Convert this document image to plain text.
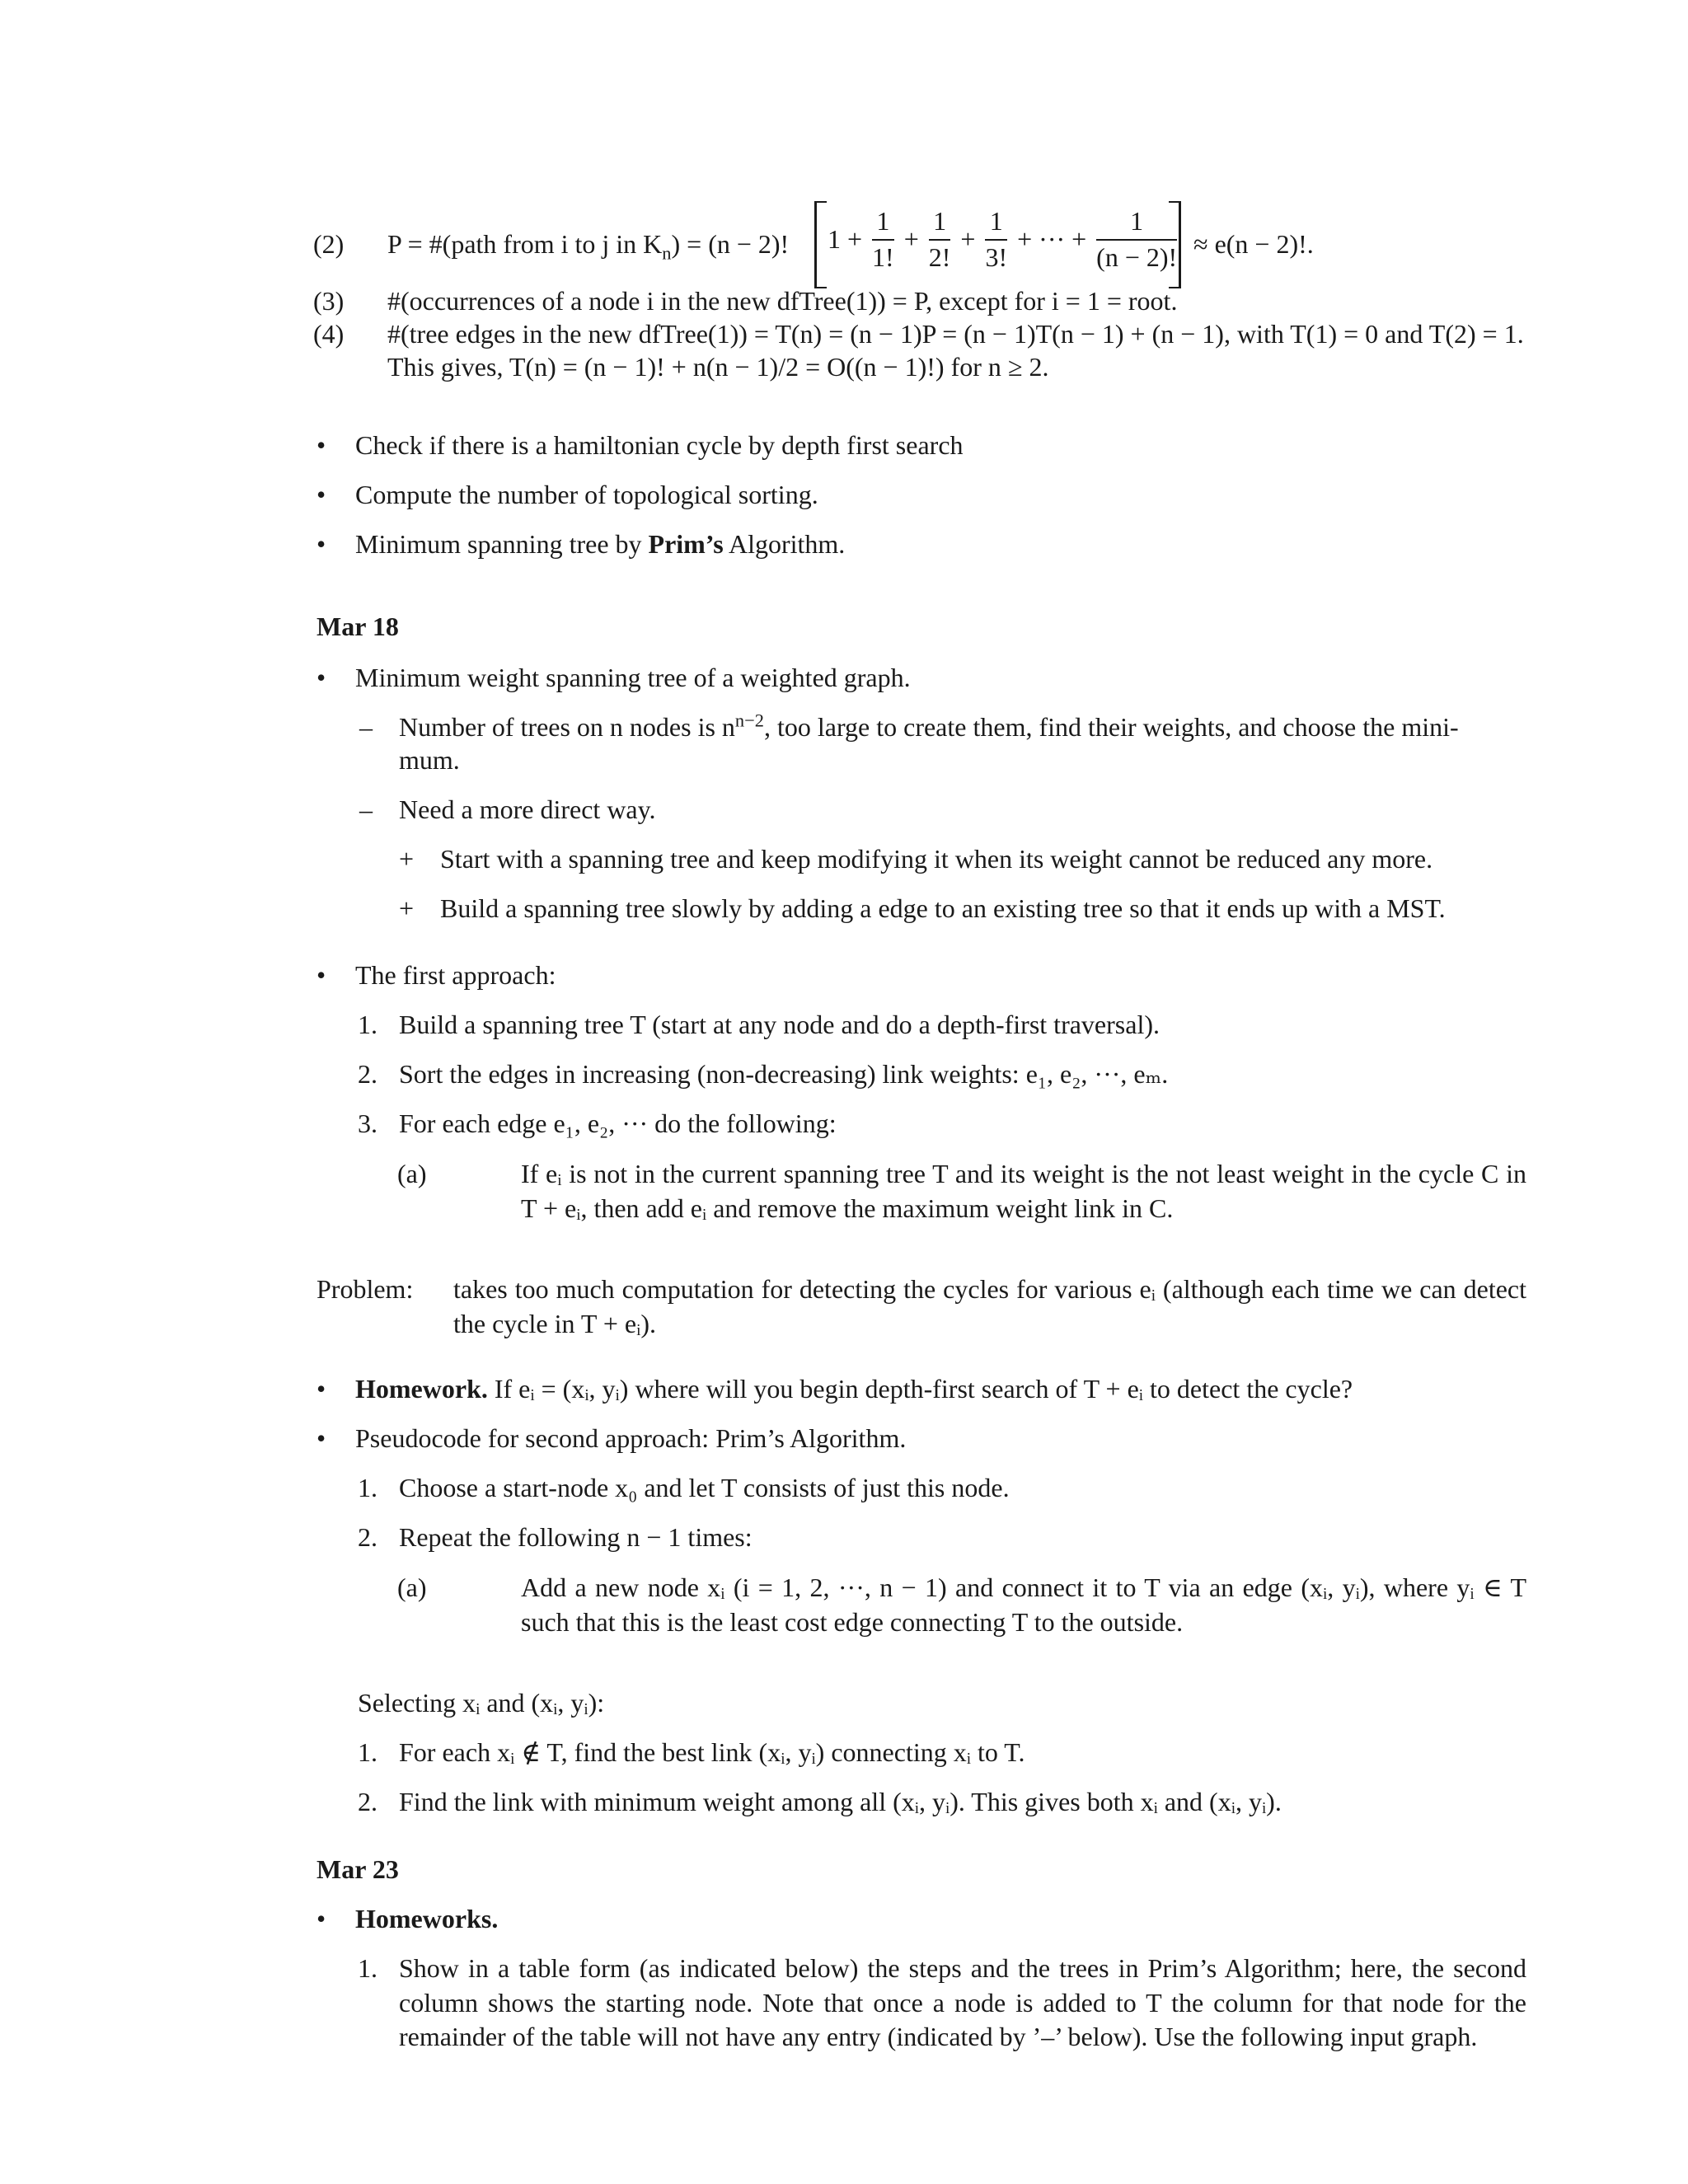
(2) P = #(path from i to j in $K_n) = (n - 2)$! $1 + \frac{1}{1!} + \frac{1}{2!} + \frac{1}{3!}$ + ··· + $\frac{1}{(n - 2)!} \approx e(n - 2)$!.
(3) #(occurrences of a node i in the new dfTree(1)) = P, except for i = 1 = root.
(4) #(tree edges in the new dfTree(1)) = T(n) = (n − 1)P = (n − 1)T(n − 1) + (n − 1), with T(1) = 0 and T(2) = 1.
This gives, T(n) = (n − 1)! + n(n − 1)/2 = O((n − 1)!) for n ≥ 2.
• Check if there is a hamiltonian cycle by depth first search
• Compute the number of topological sorting.
• Minimum spanning tree by Prim’s Algorithm.
Mar 18
• Minimum weight spanning tree of a weighted graph.
– Number of trees on n nodes is $n^{n-2}$, too large to create them, find their weights, and choose the mini-
mum.
– Need a more direct way.
+ Start with a spanning tree and keep modifying it when its weight cannot be reduced any more.
+ Build a spanning tree slowly by adding a edge to an existing tree so that it ends up with a MST.
• The first approach:
1. Build a spanning tree T (start at any node and do a depth-first traversal).
2. Sort the edges in increasing (non-decreasing) link weights: e₁, e₂, ···, eₘ.
3. For each edge e₁, e₂, ··· do the following:
(a)	If eᵢ is not in the current spanning tree T and its weight is the not least weight in the cycle C in T + eᵢ, then add eᵢ and remove the maximum weight link in C.
Problem: takes too much computation for detecting the cycles for various eᵢ (although each time we can detect the cycle in T + eᵢ).
• Homework. If eᵢ = (xᵢ, yᵢ) where will you begin depth-first search of T + eᵢ to detect the cycle?
• Pseudocode for second approach: Prim’s Algorithm.
1. Choose a start-node x₀ and let T consists of just this node.
2. Repeat the following n − 1 times:
(a)	Add a new node xᵢ (i = 1, 2, ···, n − 1) and connect it to T via an edge (xᵢ, yᵢ), where yᵢ ∈ T such that this is the least cost edge connecting T to the outside.
Selecting xᵢ and (xᵢ, yᵢ):
1. For each xᵢ ∉ T, find the best link (xᵢ, yᵢ) connecting xᵢ to T.
2. Find the link with minimum weight among all (xᵢ, yᵢ). This gives both xᵢ and (xᵢ, yᵢ).
Mar 23
• Homeworks.
1. Show in a table form (as indicated below) the steps and the trees in Prim’s Algorithm; here, the second column shows the starting node. Note that once a node is added to T the column for that node for the remainder of the table will not have any entry (indicated by ’–’ below). Use the following input graph.
